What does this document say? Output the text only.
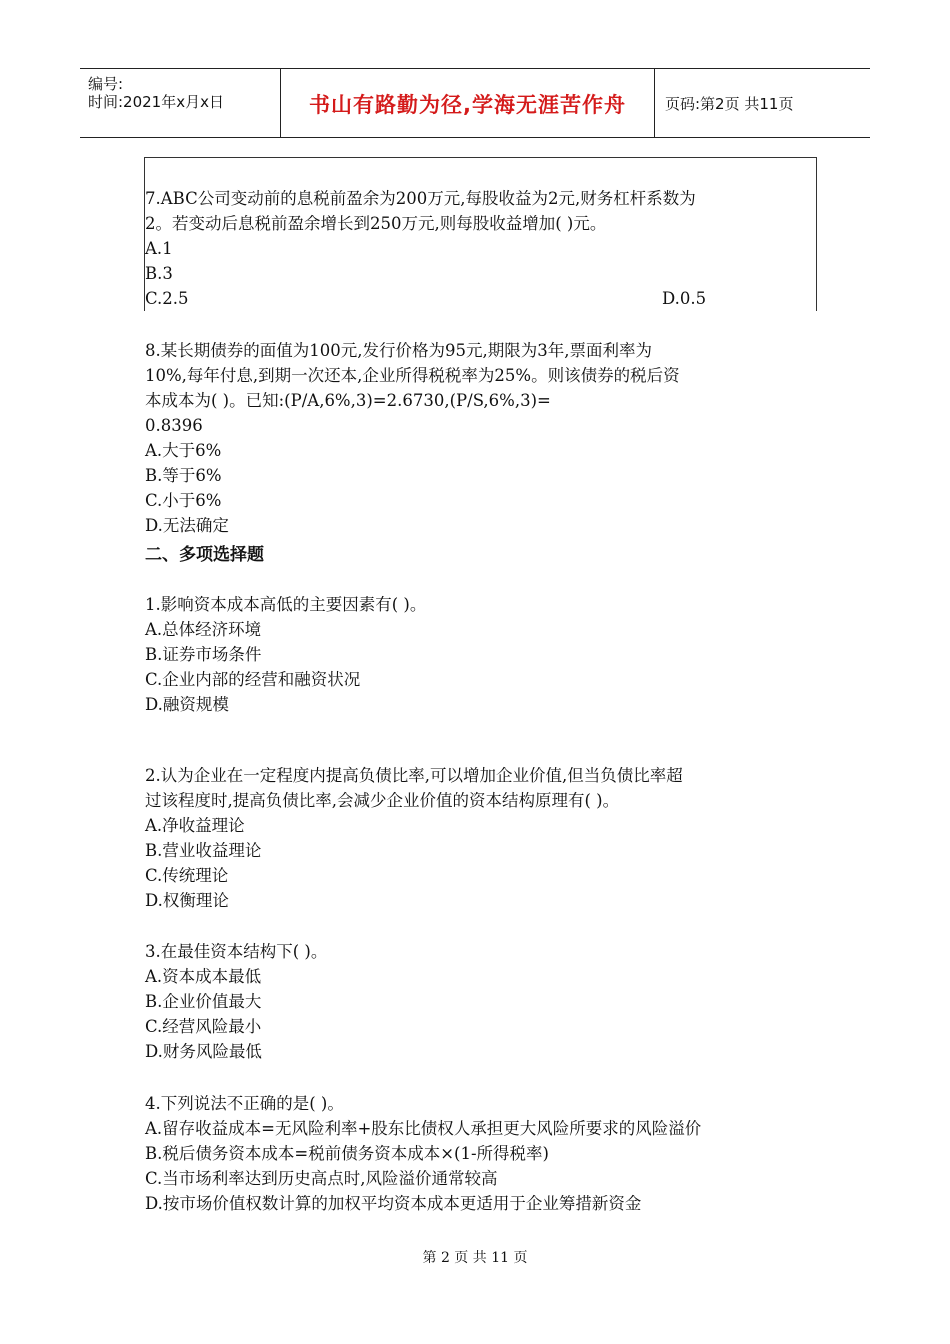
编号:
时间:2021年x月x日	书山有路勤为径,学海无涯苦作舟	页码:第2页 共11页
7.ABC公司变动前的息税前盈余为200万元,每股收益为2元,财务杠杆系数为
2。若变动后息税前盈余增长到250万元,则每股收益增加( )元。
A.1
B.3
C.2.5	D.0.5
8.某长期债券的面值为100元,发行价格为95元,期限为3年,票面利率为
10%,每年付息,到期一次还本,企业所得税税率为25%。则该债券的税后资
本成本为( )。已知:(P/A,6%,3)=2.6730,(P/S,6%,3)=
0.8396
A.大于6%
B.等于6%
C.小于6%
D.无法确定
二、多项选择题
1.影响资本成本高低的主要因素有( )。
A.总体经济环境
B.证券市场条件
C.企业内部的经营和融资状况
D.融资规模
2.认为企业在一定程度内提高负债比率,可以增加企业价值,但当负债比率超
过该程度时,提高负债比率,会减少企业价值的资本结构原理有( )。
A.净收益理论
B.营业收益理论
C.传统理论
D.权衡理论
3.在最佳资本结构下( )。
A.资本成本最低
B.企业价值最大
C.经营风险最小
D.财务风险最低
4.下列说法不正确的是( )。
A.留存收益成本=无风险利率+股东比债权人承担更大风险所要求的风险溢价
B.税后债务资本成本=税前债务资本成本×(1-所得税率)
C.当市场利率达到历史高点时,风险溢价通常较高
D.按市场价值权数计算的加权平均资本成本更适用于企业筹措新资金
第 2 页 共 11 页
